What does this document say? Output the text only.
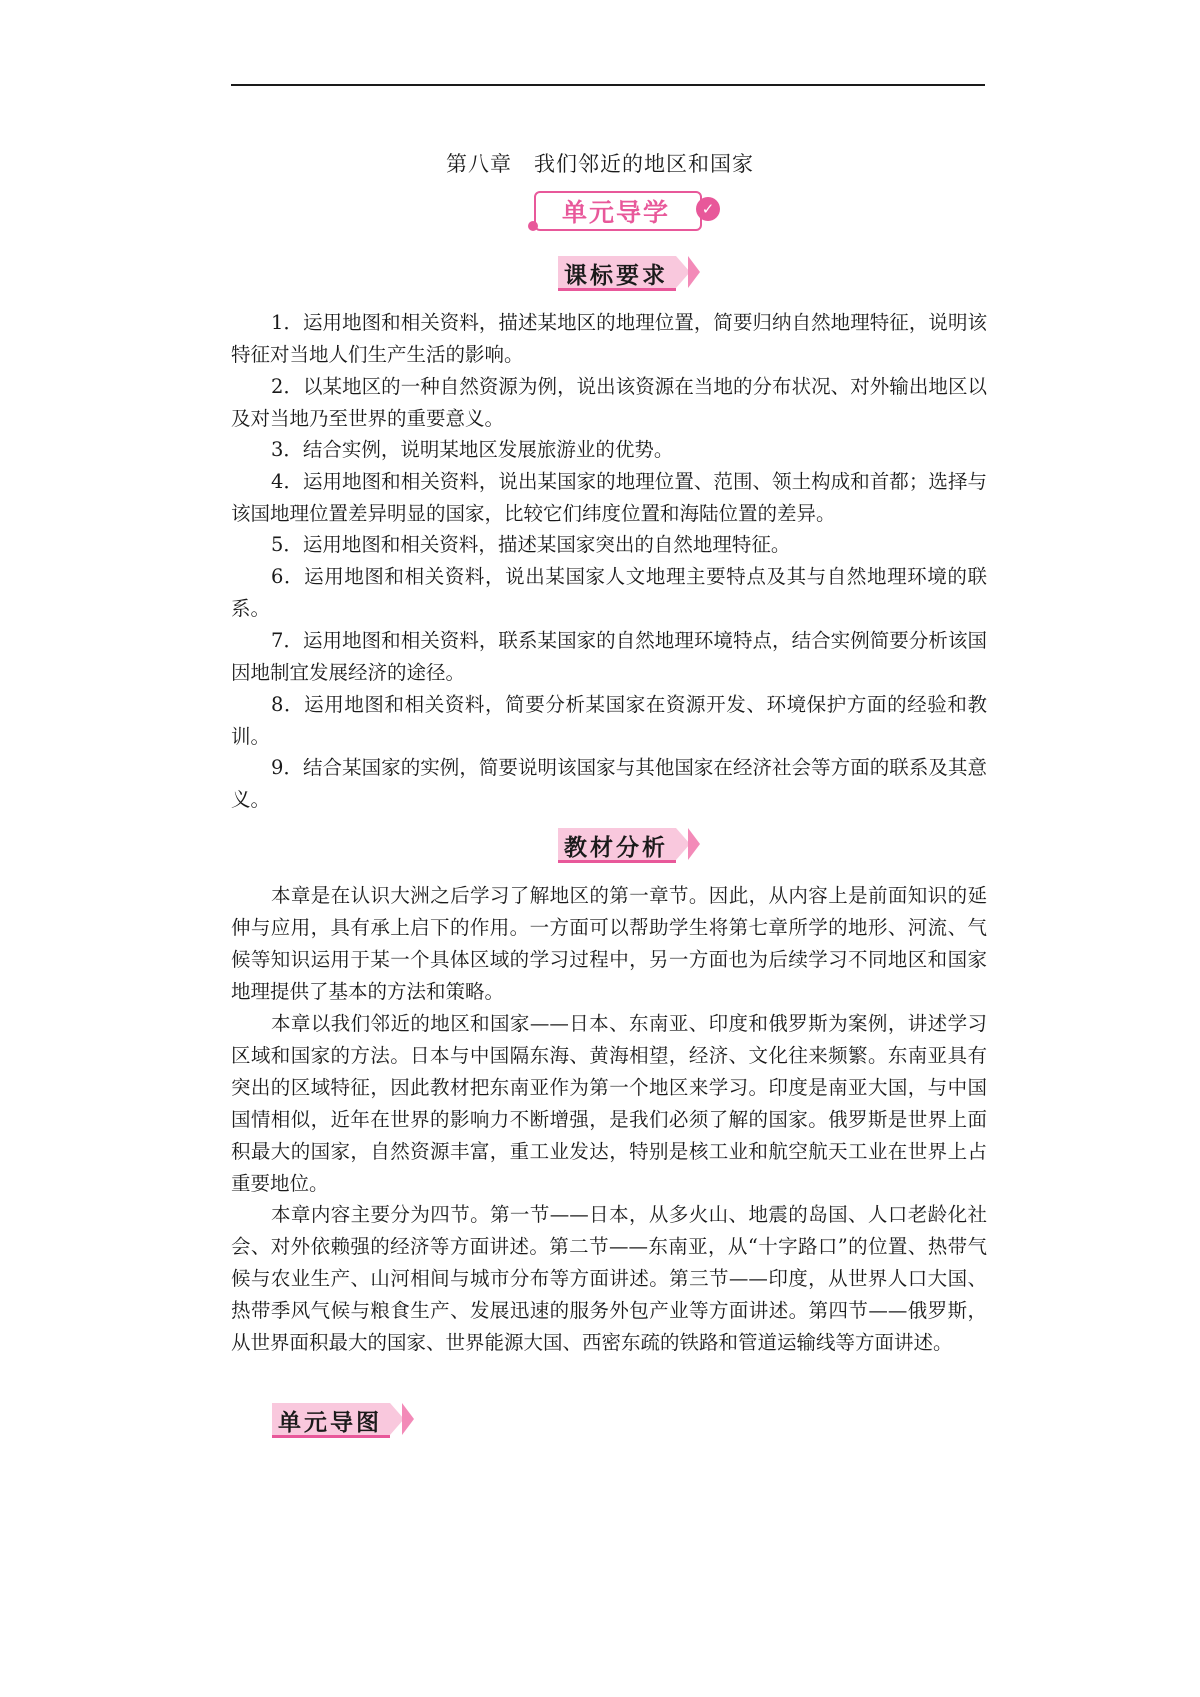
第八章　我们邻近的地区和国家
单元导学	✓
课标要求

1．运用地图和相关资料，描述某地区的地理位置，简要归纳自然地理特征，说明该特征对当地人们生产生活的影响。

2．以某地区的一种自然资源为例，说出该资源在当地的分布状况、对外输出地区以及对当地乃至世界的重要意义。

3．结合实例，说明某地区发展旅游业的优势。

4．运用地图和相关资料，说出某国家的地理位置、范围、领土构成和首都；选择与该国地理位置差异明显的国家，比较它们纬度位置和海陆位置的差异。

5．运用地图和相关资料，描述某国家突出的自然地理特征。

6．运用地图和相关资料，说出某国家人文地理主要特点及其与自然地理环境的联系。

7．运用地图和相关资料，联系某国家的自然地理环境特点，结合实例简要分析该国因地制宜发展经济的途径。

8．运用地图和相关资料，简要分析某国家在资源开发、环境保护方面的经验和教训。

9．结合某国家的实例，简要说明该国家与其他国家在经济社会等方面的联系及其意义。

教材分析

本章是在认识大洲之后学习了解地区的第一章节。因此，从内容上是前面知识的延伸与应用，具有承上启下的作用。一方面可以帮助学生将第七章所学的地形、河流、气候等知识运用于某一个具体区域的学习过程中，另一方面也为后续学习不同地区和国家地理提供了基本的方法和策略。

本章以我们邻近的地区和国家——日本、东南亚、印度和俄罗斯为案例，讲述学习区域和国家的方法。日本与中国隔东海、黄海相望，经济、文化往来频繁。东南亚具有突出的区域特征，因此教材把东南亚作为第一个地区来学习。印度是南亚大国，与中国国情相似，近年在世界的影响力不断增强，是我们必须了解的国家。俄罗斯是世界上面积最大的国家，自然资源丰富，重工业发达，特别是核工业和航空航天工业在世界上占重要地位。

本章内容主要分为四节。第一节——日本，从多火山、地震的岛国、人口老龄化社会、对外依赖强的经济等方面讲述。第二节——东南亚，从“十字路口”的位置、热带气候与农业生产、山河相间与城市分布等方面讲述。第三节——印度，从世界人口大国、热带季风气候与粮食生产、发展迅速的服务外包产业等方面讲述。第四节——俄罗斯，从世界面积最大的国家、世界能源大国、西密东疏的铁路和管道运输线等方面讲述。

单元导图
